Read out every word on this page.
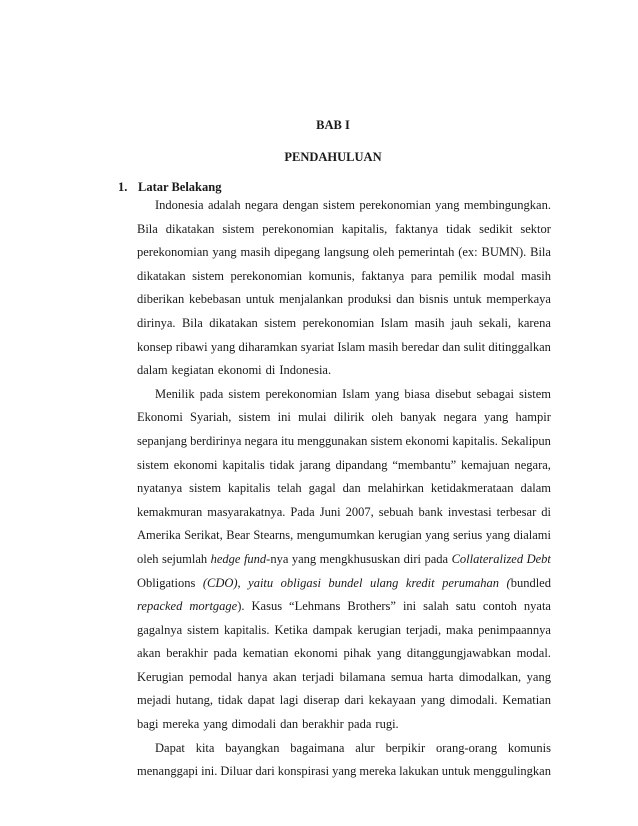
BAB I
PENDAHULUAN
1. Latar Belakang
Indonesia adalah negara dengan sistem perekonomian yang membingungkan.
Bila dikatakan sistem perekonomian kapitalis, faktanya tidak sedikit sektor
perekonomian yang masih dipegang langsung oleh pemerintah (ex: BUMN). Bila
dikatakan sistem perekonomian komunis, faktanya para pemilik modal masih
diberikan kebebasan untuk menjalankan produksi dan bisnis untuk memperkaya
dirinya. Bila dikatakan sistem perekonomian Islam masih jauh sekali, karena
konsep ribawi yang diharamkan syariat Islam masih beredar dan sulit ditinggalkan
dalam kegiatan ekonomi di Indonesia.
Menilik pada sistem perekonomian Islam yang biasa disebut sebagai sistem
Ekonomi Syariah, sistem ini mulai dilirik oleh banyak negara yang hampir
sepanjang berdirinya negara itu menggunakan sistem ekonomi kapitalis. Sekalipun
sistem ekonomi kapitalis tidak jarang dipandang “membantu” kemajuan negara,
nyatanya sistem kapitalis telah gagal dan melahirkan ketidakmerataan dalam
kemakmuran masyarakatnya. Pada Juni 2007, sebuah bank investasi terbesar di
Amerika Serikat, Bear Stearns, mengumumkan kerugian yang serius yang dialami
oleh sejumlah hedge fund-nya yang mengkhususkan diri pada Collateralized Debt
Obligations (CDO), yaitu obligasi bundel ulang kredit perumahan (bundled
repacked mortgage). Kasus “Lehmans Brothers” ini salah satu contoh nyata
gagalnya sistem kapitalis. Ketika dampak kerugian terjadi, maka penimpaannya
akan berakhir pada kematian ekonomi pihak yang ditanggungjawabkan modal.
Kerugian pemodal hanya akan terjadi bilamana semua harta dimodalkan, yang
mejadi hutang, tidak dapat lagi diserap dari kekayaan yang dimodali. Kematian
bagi mereka yang dimodali dan berakhir pada rugi.
Dapat kita bayangkan bagaimana alur berpikir orang-orang komunis
menanggapi ini. Diluar dari konspirasi yang mereka lakukan untuk menggulingkan
